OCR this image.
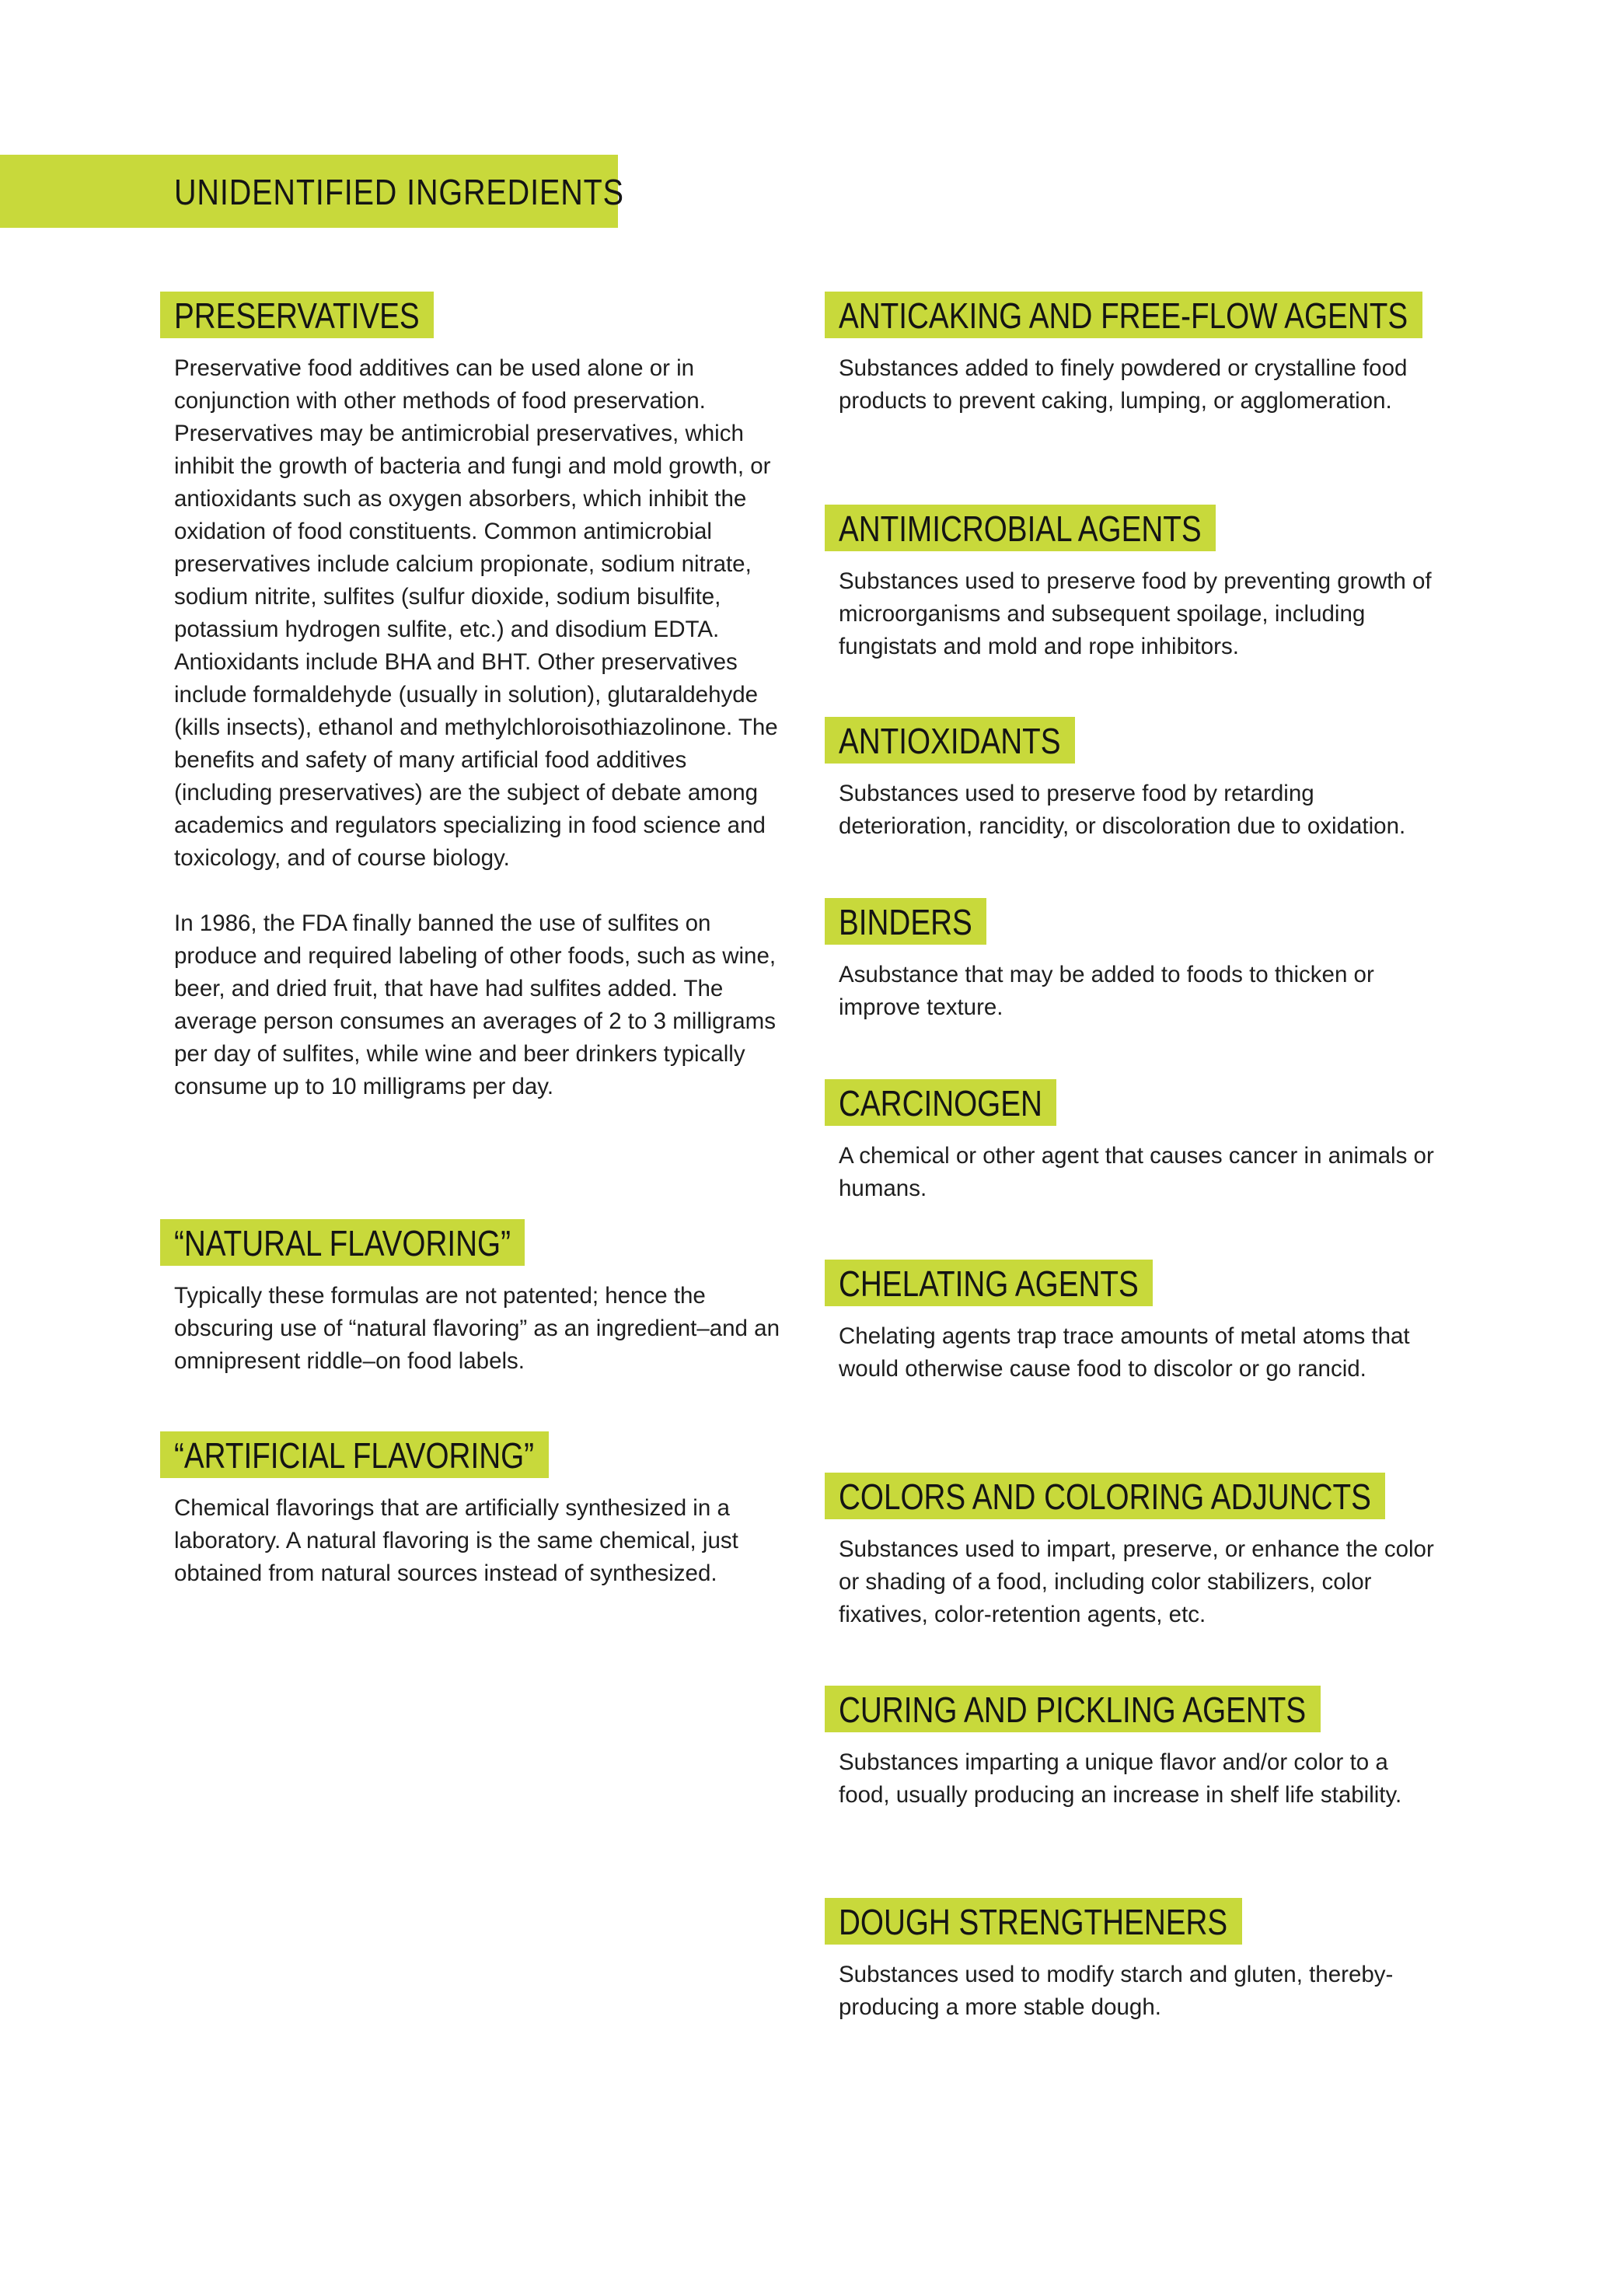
UNIDENTIFIED INGREDIENTS
PRESERVATIVES

Preservative food additives can be used alone or in conjunction with other methods of food preservation. Preservatives may be antimicrobial preservatives, which inhibit the growth of bacteria and fungi and mold growth, or antioxidants such as oxygen absorbers, which inhibit the oxidation of food constituents. Common antimicrobial preservatives include calcium propionate, sodium nitrate, sodium nitrite, sulfites (sulfur dioxide, sodium bisulfite, potassium hydrogen sulfite, etc.) and disodium EDTA. Antioxidants include BHA and BHT. Other preservatives include formaldehyde (usually in solution), glutaraldehyde (kills insects), ethanol and methylchloroisothiazolinone. The benefits and safety of many artificial food additives (including preservatives) are the subject of debate among academics and regulators specializing in food science and toxicology, and of course biology.

In 1986, the FDA finally banned the use of sulfites on produce and required labeling of other foods, such as wine, beer, and dried fruit, that have had sulfites added. The average person consumes an averages of 2 to 3 milligrams per day of sulfites, while wine and beer drinkers typically consume up to 10 milligrams per day.

“NATURAL FLAVORING”

Typically these formulas are not patented; hence the obscuring use of “natural flavoring” as an ingredient–and an omnipresent riddle–on food labels.

“ARTIFICIAL FLAVORING”

Chemical flavorings that are artificially synthesized in a laboratory. A natural flavoring is the same chemical, just obtained from natural sources instead of synthesized.

ANTICAKING AND FREE-FLOW AGENTS

Substances added to finely powdered or crystalline food products to prevent caking, lumping, or agglomeration.

ANTIMICROBIAL AGENTS

Substances used to preserve food by preventing growth of microorganisms and subsequent spoilage, including fungistats and mold and rope inhibitors.

ANTIOXIDANTS

Substances used to preserve food by retarding deterioration, rancidity, or discoloration due to oxidation.

BINDERS

Asubstance that may be added to foods to thicken or improve texture.

CARCINOGEN

A chemical or other agent that causes cancer in animals or humans.

CHELATING AGENTS

Chelating agents trap trace amounts of metal atoms that would otherwise cause food to discolor or go rancid.

COLORS AND COLORING ADJUNCTS

Substances used to impart, preserve, or enhance the color or shading of a food, including color stabilizers, color fixatives, color-retention agents, etc.

CURING AND PICKLING AGENTS

Substances imparting a unique flavor and/or color to a food, usually producing an increase in shelf life stability.

DOUGH STRENGTHENERS

Substances used to modify starch and gluten, thereby-producing a more stable dough.
